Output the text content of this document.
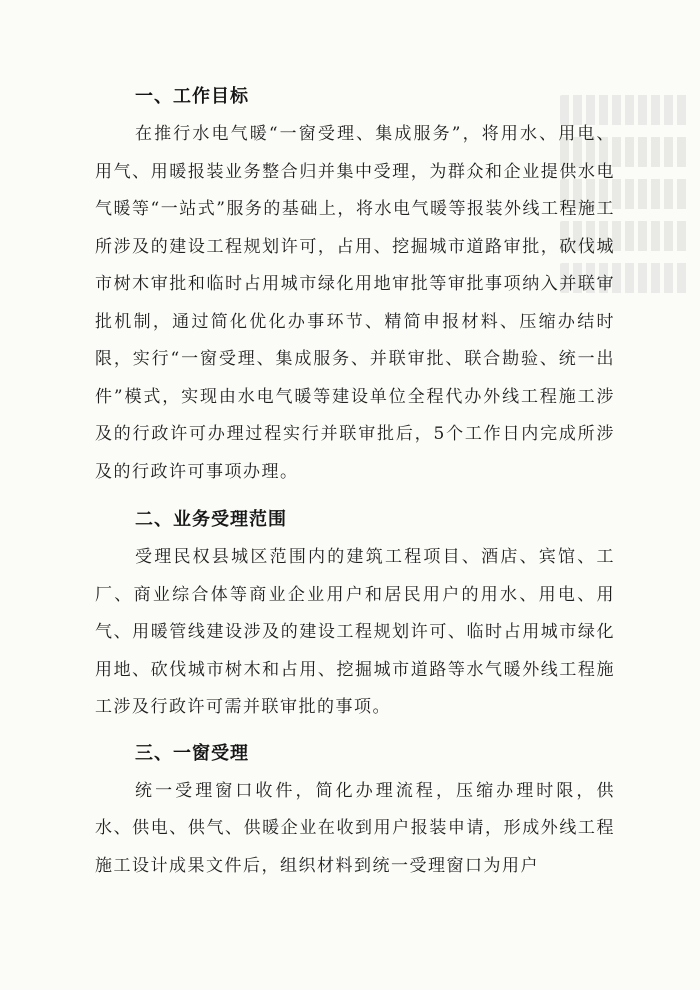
一、工作目标

在推行水电气暖“一窗受理、集成服务”，将用水、用电、用气、用暖报装业务整合归并集中受理，为群众和企业提供水电气暖等“一站式”服务的基础上，将水电气暖等报装外线工程施工所涉及的建设工程规划许可，占用、挖掘城市道路审批，砍伐城市树木审批和临时占用城市绿化用地审批等审批事项纳入并联审批机制，通过简化优化办事环节、精简申报材料、压缩办结时限，实行“一窗受理、集成服务、并联审批、联合勘验、统一出件”模式，实现由水电气暖等建设单位全程代办外线工程施工涉及的行政许可办理过程实行并联审批后，5个工作日内完成所涉及的行政许可事项办理。

二、业务受理范围

受理民权县城区范围内的建筑工程项目、酒店、宾馆、工厂、商业综合体等商业企业用户和居民用户的用水、用电、用气、用暖管线建设涉及的建设工程规划许可、临时占用城市绿化用地、砍伐城市树木和占用、挖掘城市道路等水气暖外线工程施工涉及行政许可需并联审批的事项。

三、一窗受理

统一受理窗口收件，简化办理流程，压缩办理时限，供水、供电、供气、供暖企业在收到用户报装申请，形成外线工程施工设计成果文件后，组织材料到统一受理窗口为用户
